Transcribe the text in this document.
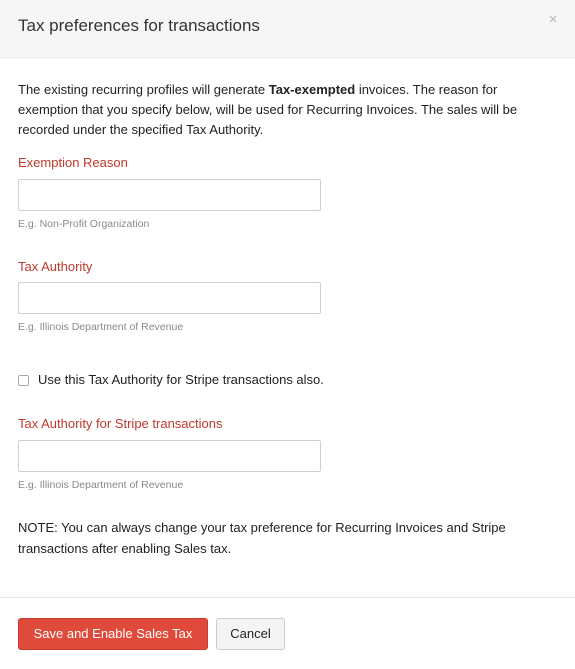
Tax preferences for transactions	×
The existing recurring profiles will generate Tax-exempted invoices. The reason for exemption that you specify below, will be used for Recurring Invoices. The sales will be recorded under the specified Tax Authority.
Exemption Reason
E.g. Non-Profit Organization
Tax Authority
E.g. Illinois Department of Revenue
Use this Tax Authority for Stripe transactions also.
Tax Authority for Stripe transactions
E.g. Illinois Department of Revenue
NOTE: You can always change your tax preference for Recurring Invoices and Stripe transactions after enabling Sales tax.
Save and Enable Sales Tax	Cancel
